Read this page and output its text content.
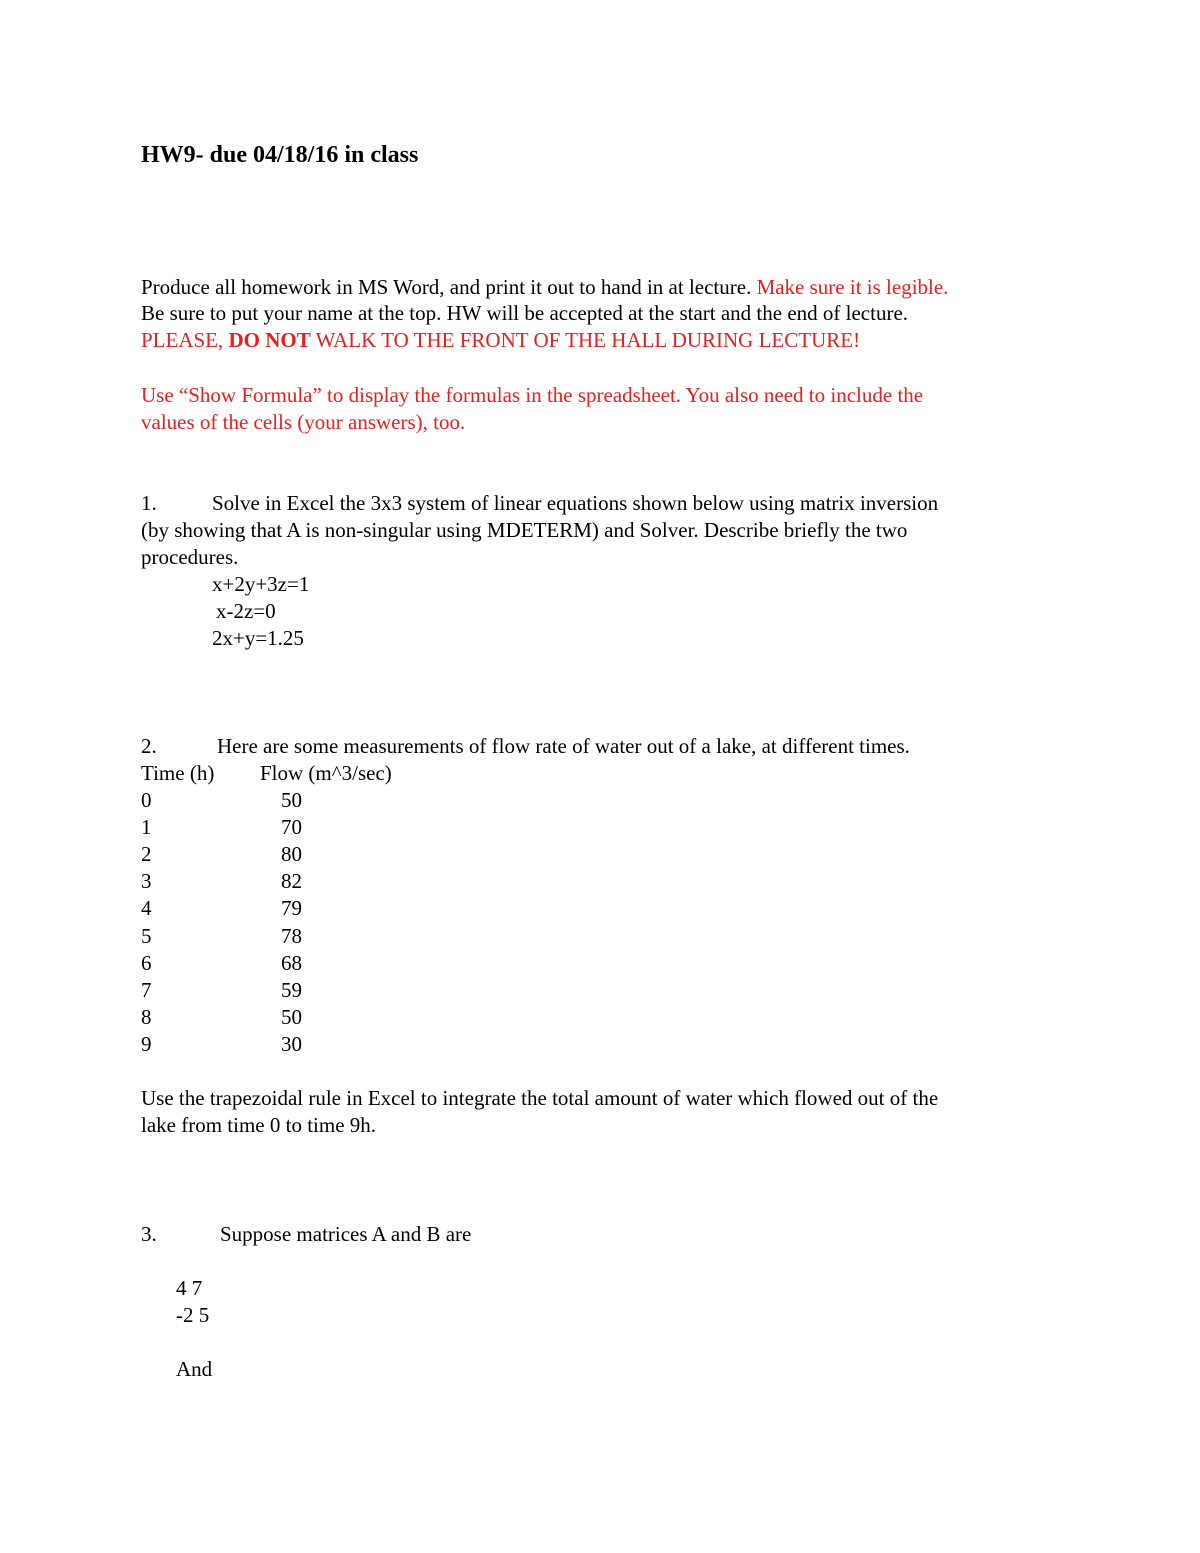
HW9- due 04/18/16 in class
Produce all homework in MS Word, and print it out to hand in at lecture. Make sure it is legible.
Be sure to put your name at the top. HW will be accepted at the start and the end of lecture.
PLEASE, DO NOT WALK TO THE FRONT OF THE HALL DURING LECTURE!
Use “Show Formula” to display the formulas in the spreadsheet. You also need to include the
values of the cells (your answers), too.
1.	Solve in Excel the 3x3 system of linear equations shown below using matrix inversion
(by showing that A is non-singular using MDETERM) and Solver. Describe briefly the two
procedures.
x+2y+3z=1
x-2z=0
2x+y=1.25
2.	Here are some measurements of flow rate of water out of a lake, at different times.
Time (h) Flow (m^3/sec)
0	50
1	70
2	80
3	82
4	79
5	78
6	68
7	59
8	50
9	30
Use the trapezoidal rule in Excel to integrate the total amount of water which flowed out of the
lake from time 0 to time 9h.
3.	Suppose matrices A and B are
4 7
-2 5
And
